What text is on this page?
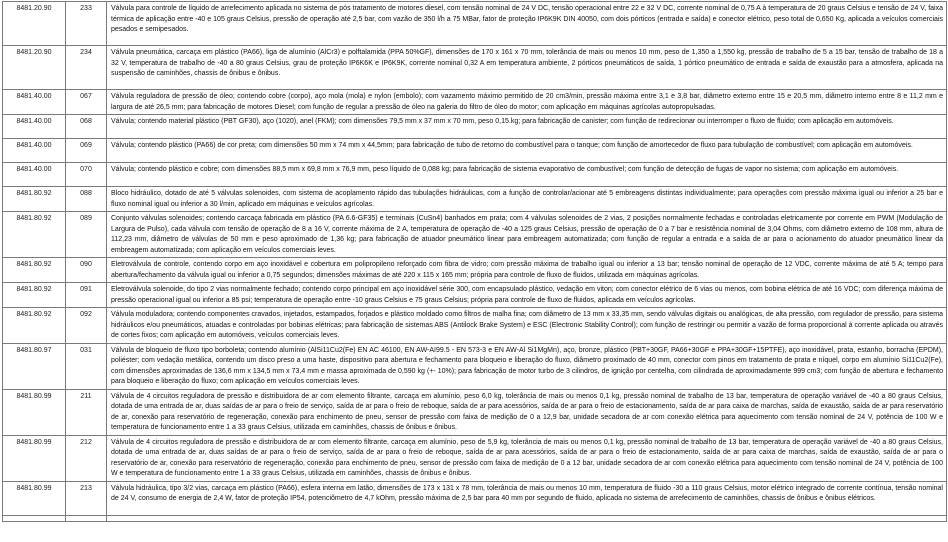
8481.20.90	233	Válvula para controle de líquido de arrefecimento aplicada no sistema de pós tratamento de motores diesel, com tensão nominal de 24 V DC, tensão operacional entre 22 e 32 V DC, corrente nominal de 0,75 A à temperatura de 20 graus Celsius e tensão de 24 V, faixa térmica de aplicação entre -40 e 105 graus Celsius, pressão de operação até 2,5 bar, com vazão de 350 l/h a 75 MBar, fator de proteção IP6K9K DIN 40050, com dois pórticos (entrada e saída) e conector elétrico, peso total de 0,650 Kg, aplicada a veículos comerciais pesados e semipesados.
8481.20.90	234	Válvula pneumática, carcaça em plástico (PA66), liga de alumínio (AlCr3) e polftalamida (PPA 50%GF), dimensões de 170 x 161 x 70 mm, tolerância de mais ou menos 10 mm, peso de 1,350 a 1,550 kg, pressão de trabalho de 5 a 15 bar, tensão de trabalho de 18 a 32 V, temperatura de trabalho de -40 a 80 graus Celsius, grau de proteção IP6K6K e IP6K9K, corrente nominal 0,32 A em temperatura ambiente, 2 pórticos pneumáticos de saída, 1 pórtico pneumático de entrada e saída de exaustão para a atmosfera, aplicada na suspensão de caminhões, chassis de ônibus e ônibus.
8481.40.00	067	Válvula reguladora de pressão de óleo; contendo cobre (corpo), aço mola (mola) e nylon (embolo); com vazamento máximo permitido de 20 cm3/min, pressão máxima entre 3,1 e 3,8 bar, diâmetro externo entre 15 e 20,5 mm, diâmetro interno entre 8 e 11,2 mm e largura de até 26,5 mm; para fabricação de motores Diesel; com função de regular a pressão de óleo na galeria do filtro de óleo do motor; com aplicação em máquinas agrícolas autopropulsadas.
8481.40.00	068	Válvula; contendo material plástico (PBT GF30), aço (1020), anel (FKM); com dimensões 79,5 mm x 37 mm x 70 mm, peso 0,15.kg; para fabricação de canister; com função de redirecionar ou interromper o fluxo de fluido; com aplicação em automóveis.
8481.40.00	069	Válvula; contendo plástico (PA66) de cor preta; com dimensões 50 mm x 74 mm x 44,5mm; para fabricação de tubo de retorno do combustível para o tanque; com função de amortecedor de fluxo para tubulação de combustível; com aplicação em automóveis.
8481.40.00	070	Válvula; contendo plástico e cobre; com dimensões 88,5 mm x 69,8 mm x 76,9 mm, peso líquido de 0,088 kg; para fabricação de sistema evaporativo de combustível; com função de detecção de fugas de vapor no sistema; com aplicação em automóveis.
8481.80.92	088	Bloco hidráulico, dotado de até 5 válvulas solenoides, com sistema de acoplamento rápido das tubulações hidráulicas, com a função de controlar/acionar até 5 embreagens distintas individualmente; para operações com pressão máxima igual ou inferior a 25 bar e fluxo nominal igual ou inferior a 30 l/min, aplicado em máquinas e veículos agrícolas.
8481.80.92	089	Conjunto válvulas solenoides; contendo carcaça fabricada em plástico (PA 6.6-GF35) e terminais (CuSn4) banhados em prata; com 4 válvulas solenoides de 2 vias, 2 posições normalmente fechadas e controladas eletricamente por corrente em PWM (Modulação de Largura de Pulso), cada válvula com tensão de operação de 8 a 16 V, corrente máxima de 2 A, temperatura de operação de -40 a 125 graus Celsius, pressão de operação de 0 a 7 bar e resistência nominal de 3,04 Ohms, com diâmetro externo de 108 mm, altura de 112,23 mm, diâmetro de válvulas de 50 mm e peso aproximado de 1,36 kg; para fabricação de atuador pneumático linear para embreagem automatizada; com função de regular a entrada e a saída de ar para o acionamento do atuador pneumático linear da embreagem automatizada; com aplicação em veículos comerciais leves.
8481.80.92	090	Eletroválvula de controle, contendo corpo em aço inoxidável e cobertura em polipropileno reforçado com fibra de vidro; com pressão máxima de trabalho igual ou inferior a 13 bar; tensão nominal de operação de 12 VDC, corrente máxima de até 5 A; tempo para abertura/fechamento da válvula igual ou inferior a 0,75 segundos; dimensões máximas de até 220 x 115 x 165 mm; própria para controle de fluxo de fluidos, utilizada em máquinas agrícolas.
8481.80.92	091	Eletroválvula solenoide, do tipo 2 vias normalmente fechado; contendo corpo principal em aço inoxidável série 300, com encapsulado plástico, vedação em viton; com conector elétrico de 6 vias ou menos, com bobina elétrica de até 16 VDC; com diferença máxima de pressão operacional igual ou inferior a 85 psi; temperatura de operação entre -10 graus Celsius e 75 graus Celsius; própria para controle de fluxo de fluidos, aplicada em veículos agrícolas.
8481.80.92	092	Válvula moduladora; contendo componentes cravados, injetados, estampados, forjados e plástico moldado como filtros de malha fina; com diâmetro de 13 mm x 33,35 mm, sendo válvulas digitais ou analógicas, de alta pressão, com regulador de pressão, para sistema hidráulicos e/ou pneumáticos, atuadas e controladas por bobinas elétricas; para fabricação de sistemas ABS (Antilock Brake System) e ESC (Electronic Stability Control); com função de restringir ou permitir a vazão de forma proporcional à corrente aplicada ou através de cortes fixos; com aplicação em automóveis, veículos comerciais leves.
8481.80.97	031	Válvula de bloqueio de fluxo tipo borboleta; contendo alumínio (AlSi11Cu2(Fe) EN AC 46100, EN AW-AI99.5 - EN 573-3 e EN AW-Al Si1MgMn), aço, bronze, plástico (PBT+30GF, PA66+30GF e PPA+30GF+15PTFE), aço inoxidável, prata, estanho, borracha (EPDM), poliéster; com vedação metálica, contendo um disco preso a uma haste, dispositivo para abertura e fechamento para bloqueio e liberação do fluxo, diâmetro proximado de 40 mm, conector com pinos em tratamento de prata e níquel, corpo em alumínio Si11Cu2(Fe), com dimensões aproximadas de 136,6 mm x 134,5 mm x 73,4 mm e massa aproximada de 0,590 kg (+- 10%); para fabricação de motor turbo de 3 cilindros, de ignição por centelha, com cilindrada de aproximadamente 999 cm3; com função de abertura e fechamento para bloqueio e liberação do fluxo; com aplicação em veículos comerciais leves.
8481.80.99	211	Válvula de 4 circuitos reguladora de pressão e distribuidora de ar com elemento filtrante, carcaça em alumínio, peso 6,0 kg, tolerância de mais ou menos 0,1 kg, pressão nominal de trabalho de 13 bar, temperatura de operação variável de -40 a 80 graus Celsius, dotada de uma entrada de ar, duas saídas de ar para o freio de serviço, saída de ar para o freio de reboque, saída de ar para acessórios, saída de ar para o freio de estacionamento, saída de ar para caixa de marchas, saída de exaustão, saída de ar para reservatório de ar, conexão para reservatório de regeneração, conexão para enchimento de pneu, sensor de pressão com faixa de medição de 0 a 12,9 bar, unidade secadora de ar com conexão elétrica para aquecimento com tensão nominal de 24 V, potência de 100 W e temperatura de funcionamento entre 1 a 33 graus Celsius, utilizada em caminhões, chassis de ônibus e ônibus.
8481.80.99	212	Válvula de 4 circuitos reguladora de pressão e distribuidora de ar com elemento filtrante, carcaça em alumínio, peso de 5,9 kg, tolerância de mais ou menos 0,1 kg, pressão nominal de trabalho de 13 bar, temperatura de operação variável de -40 a 80 graus Celsius, dotada de uma entrada de ar, duas saídas de ar para o freio de serviço, saída de ar para o freio de reboque, saída de ar para acessórios, saída de ar para o freio de estacionamento, saída de ar para caixa de marchas, saída de exaustão, saída de ar para o reservatório de ar, conexão para reservatório de regeneração, conexão para enchimento de pneu, sensor de pressão com faixa de medição de 0 a 12 bar, unidade secadora de ar com conexão elétrica para aquecimento com tensão nominal de 24 V, potência de 100 W e temperatura de funcionamento entre 1 a 33 graus Celsius, utilizada em caminhões, chassis de ônibus e ônibus.
8481.80.99	213	Válvula hidráulica, tipo 3/2 vias, carcaça em plástico (PA66), esfera interna em latão, dimensões de 173 x 131 x 78 mm, tolerância de mais ou menos 10 mm, temperatura de fluido -30 a 110 graus Celsius, motor elétrico integrado de corrente contínua, tensão nominal de 24 V, consumo de energia de 2,4 W, fator de proteção IP54, potenciômetro de 4,7 kOhm, pressão máxima de 2,5 bar para 40 mm por segundo de fluido, aplicada no sistema de arrefecimento de caminhões, chassis de ônibus e ônibus elétricos.
